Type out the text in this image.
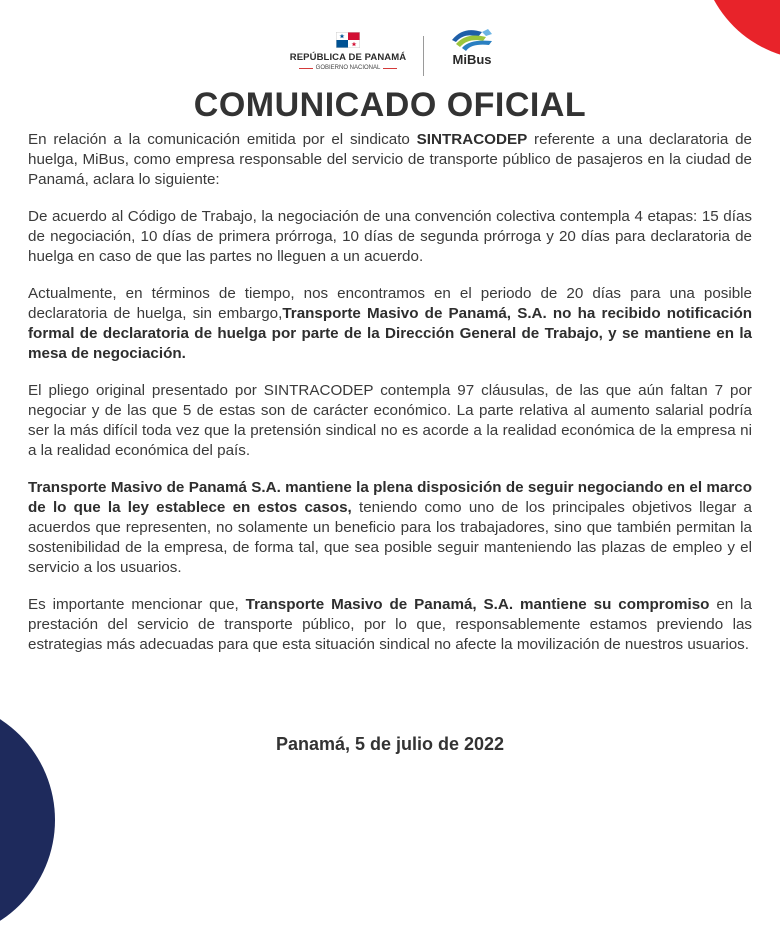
REPÚBLICA DE PANAMÁ
GOBIERNO NACIONAL
MiBus
COMUNICADO OFICIAL

En relación a la comunicación emitida por el sindicato SINTRACODEP referente a una declaratoria de huelga, MiBus, como empresa responsable del servicio de transporte público de pasajeros en la ciudad de Panamá, aclara lo siguiente:

De acuerdo al Código de Trabajo, la negociación de una convención colectiva contempla 4 etapas: 15 días de negociación, 10 días de primera prórroga, 10 días de segunda prórroga y 20 días para declaratoria de huelga en caso de que las partes no lleguen a un acuerdo.

Actualmente, en términos de tiempo, nos encontramos en el periodo de 20 días para una posible declaratoria de huelga, sin embargo,Transporte Masivo de Panamá, S.A. no ha recibido notificación formal de declaratoria de huelga por parte de la Dirección General de Trabajo, y se mantiene en la mesa de negociación.

El pliego original presentado por SINTRACODEP contempla 97 cláusulas, de las que aún faltan 7 por negociar y de las que 5 de estas son de carácter económico. La parte relativa al aumento salarial podría ser la más difícil toda vez que la pretensión sindical no es acorde a la realidad económica de la empresa ni a la realidad económica del país.

Transporte Masivo de Panamá S.A. mantiene la plena disposición de seguir negociando en el marco de lo que la ley establece en estos casos, teniendo como uno de los principales objetivos llegar a acuerdos que representen, no solamente un beneficio para los trabajadores, sino que también permitan la sostenibilidad de la empresa, de forma tal, que sea posible seguir manteniendo las plazas de empleo y el servicio a los usuarios.

Es importante mencionar que, Transporte Masivo de Panamá, S.A. mantiene su compromiso en la prestación del servicio de transporte público, por lo que, responsablemente estamos previendo las estrategias más adecuadas para que esta situación sindical no afecte la movilización de nuestros usuarios.

Panamá, 5 de julio de 2022
